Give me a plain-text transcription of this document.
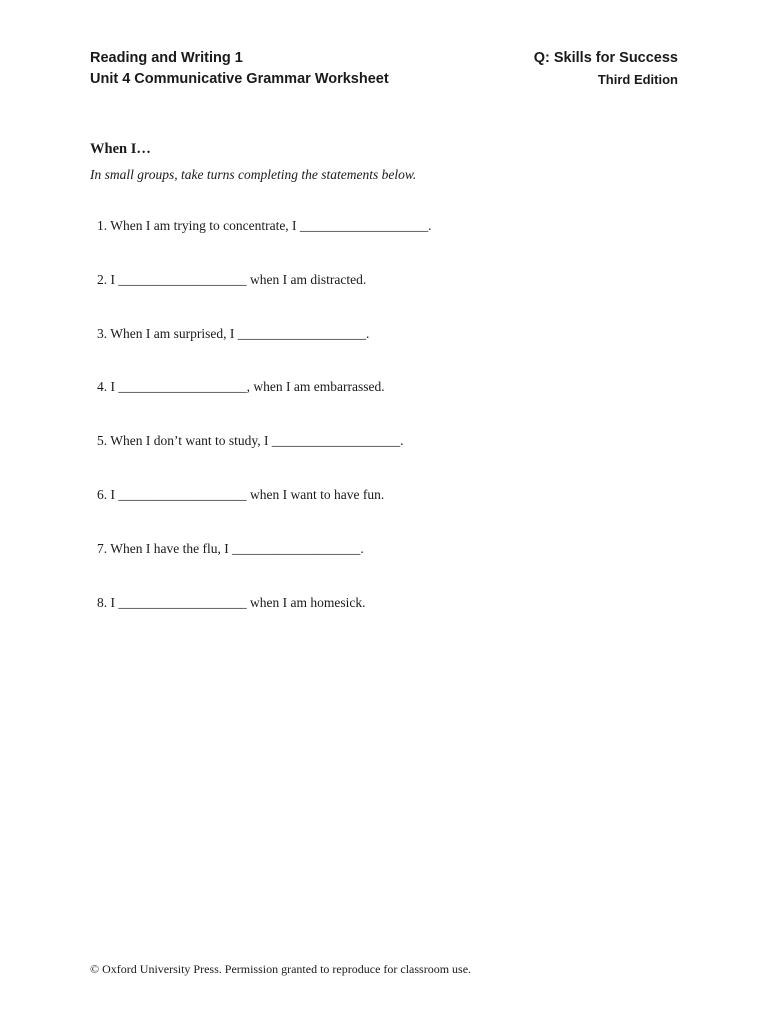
Reading and Writing 1
Unit 4 Communicative Grammar Worksheet
Q: Skills for Success
Third Edition
When I…
In small groups, take turns completing the statements below.
1. When I am trying to concentrate, I ___________________.
2. I ___________________ when I am distracted.
3. When I am surprised, I ___________________.
4. I ___________________, when I am embarrassed.
5. When I don’t want to study, I ___________________.
6. I ___________________ when I want to have fun.
7. When I have the flu, I ___________________.
8. I ___________________ when I am homesick.
© Oxford University Press. Permission granted to reproduce for classroom use.
